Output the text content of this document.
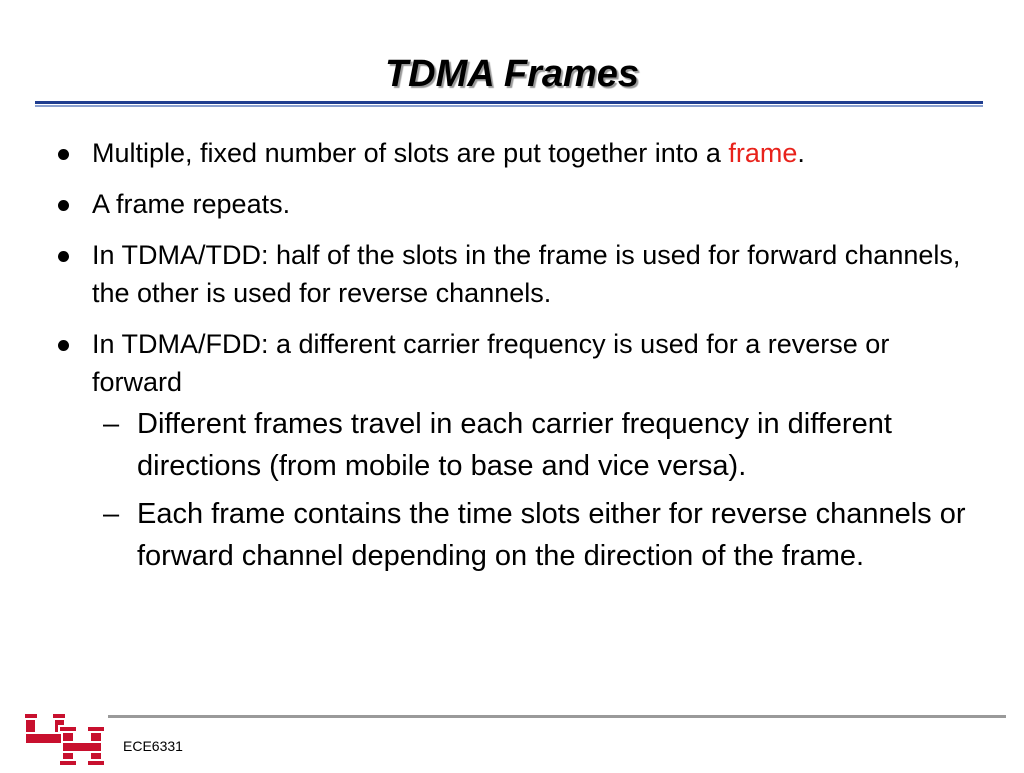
TDMA Frames
Multiple, fixed number of slots are put together into a frame.
A frame repeats.
In TDMA/TDD: half of the slots in the frame is used for forward channels, the other is used for reverse channels.
In TDMA/FDD: a different carrier frequency is used for a reverse or forward
– Different frames travel in each carrier frequency in different directions (from mobile to base and vice versa).
– Each frame contains the time slots either for reverse channels or forward channel depending on the direction of the frame.
ECE6331
